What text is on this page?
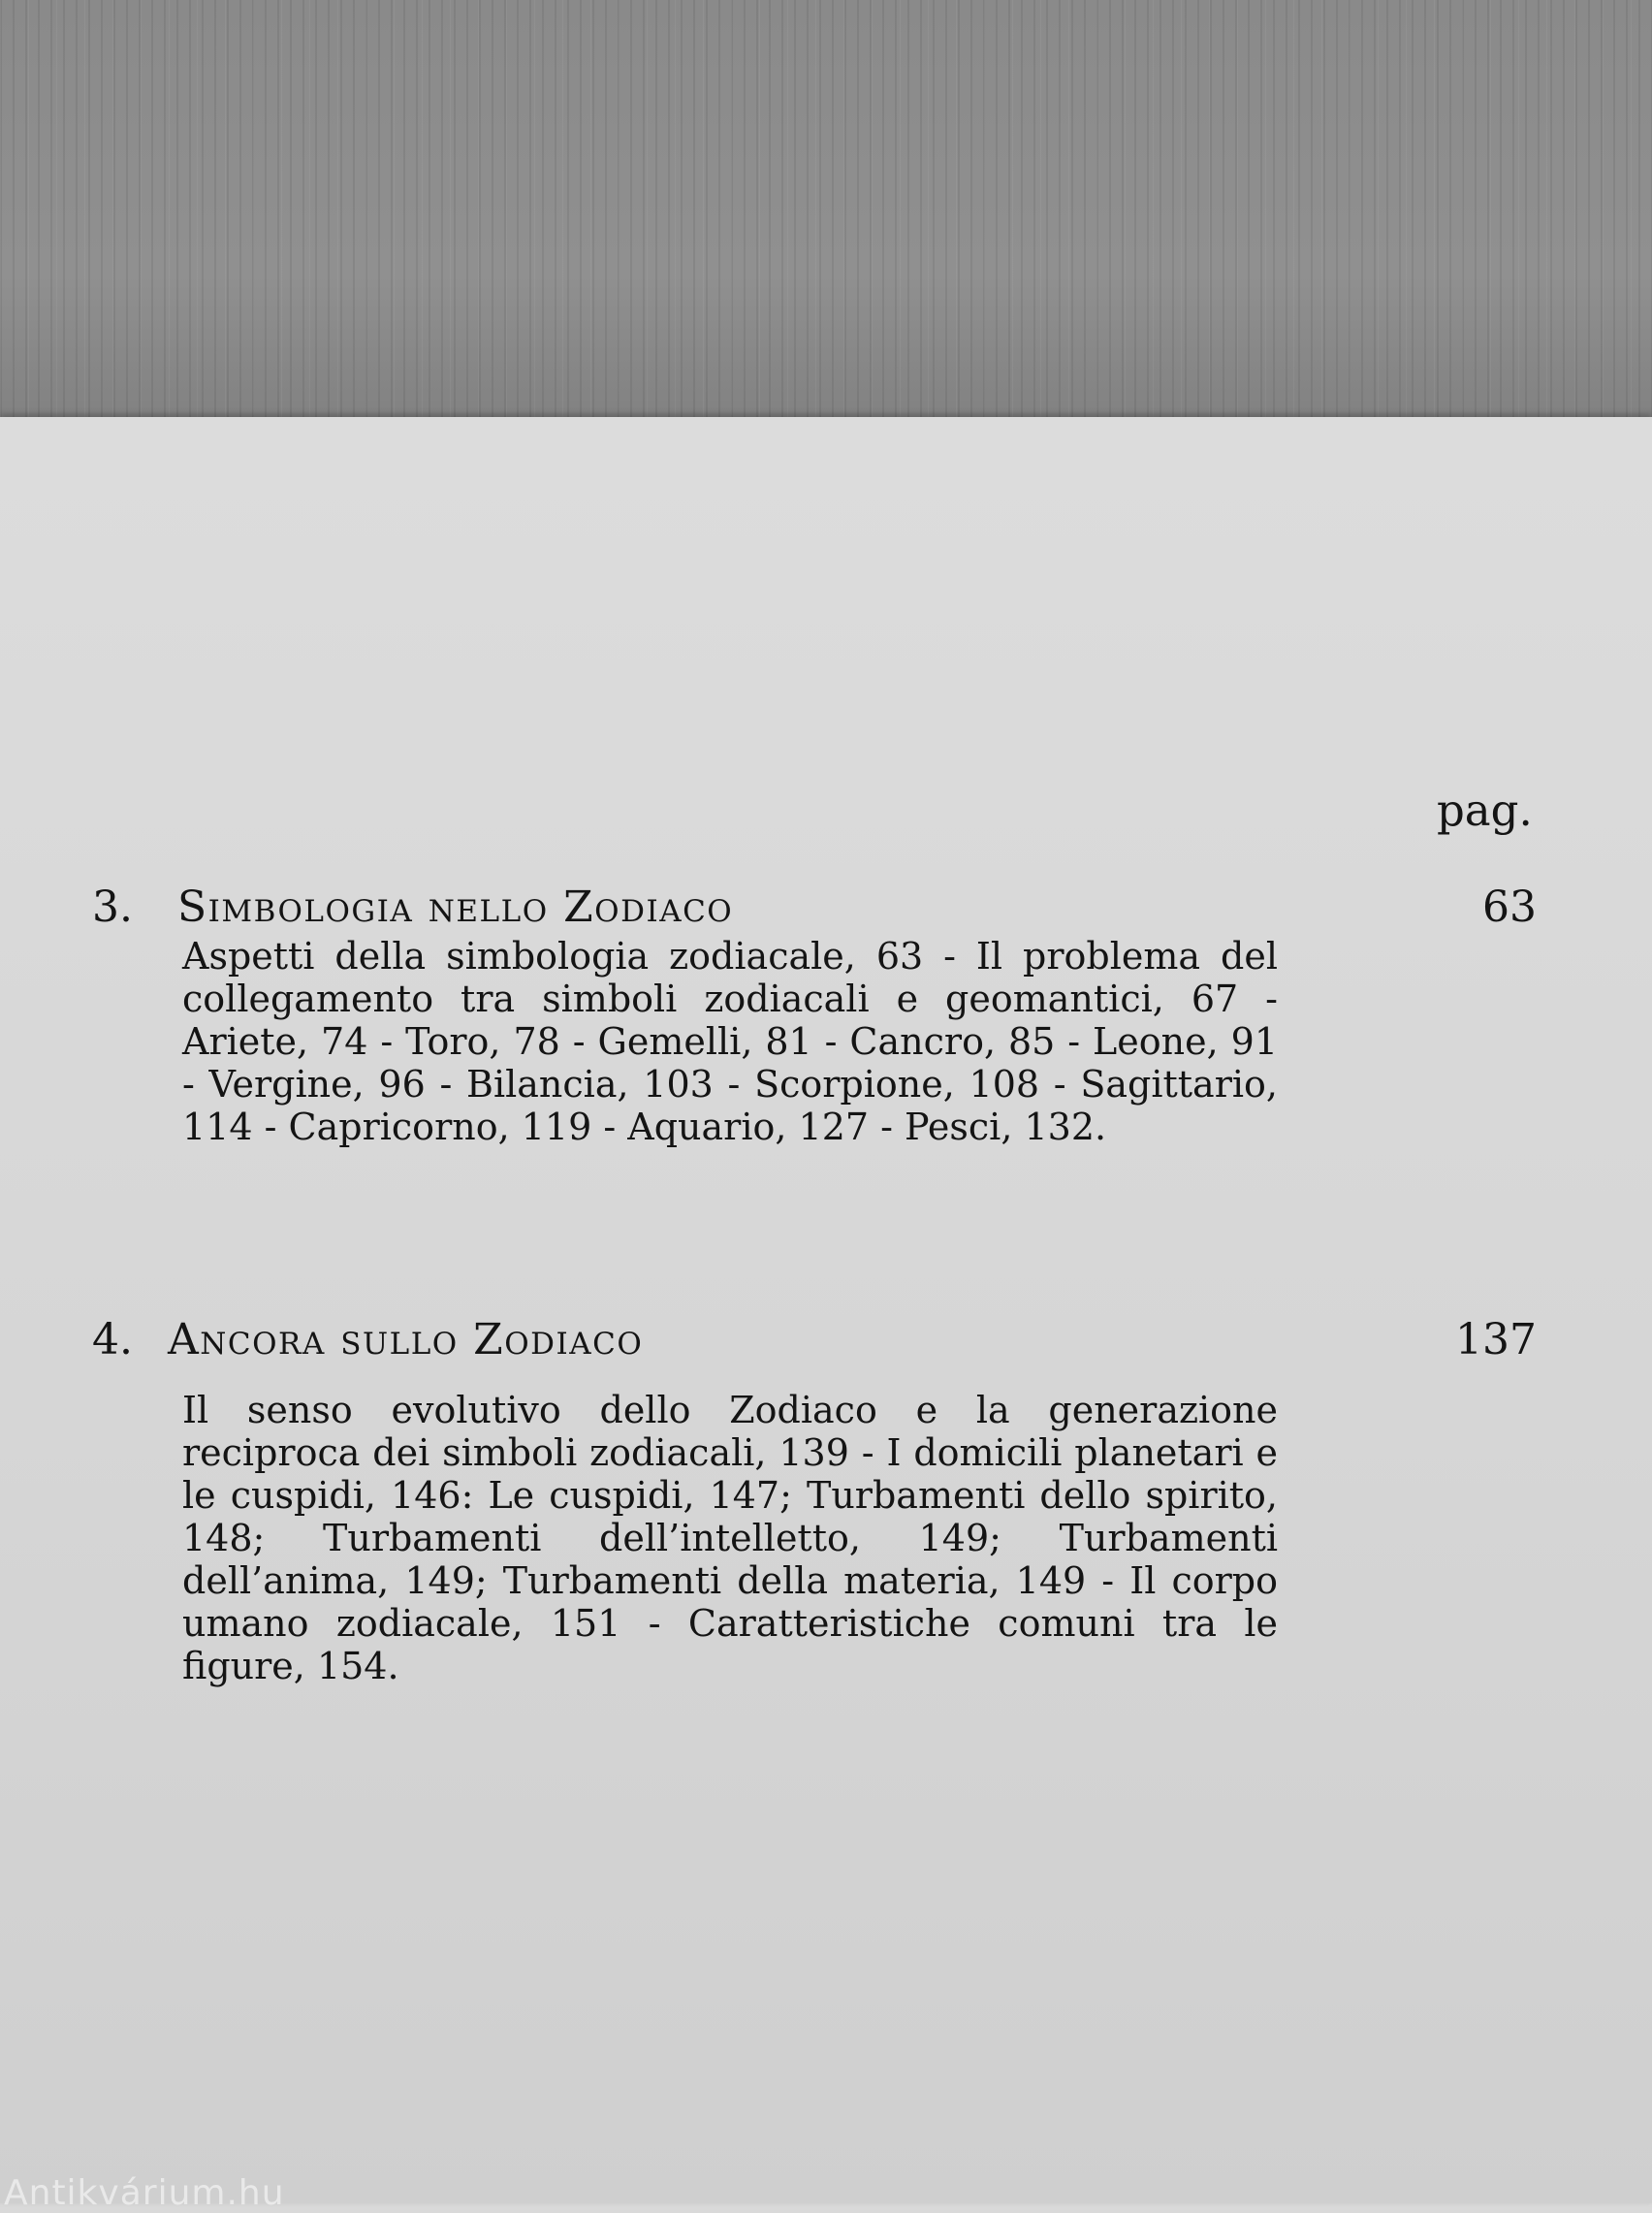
pag.
3. Simbologia nello Zodiaco	63
Aspetti della simbologia zodiacale, 63 - Il problema del collegamento tra simboli zodiacali e geomantici, 67 - Ariete, 74 - Toro, 78 - Gemelli, 81 - Cancro, 85 - Leone, 91 - Vergine, 96 - Bilancia, 103 - Scorpione, 108 - Sagittario, 114 - Capricorno, 119 - Aquario, 127 - Pesci, 132.
4. Ancora sullo Zodiaco	137
Il senso evolutivo dello Zodiaco e la generazione reciproca dei simboli zodiacali, 139 - I domicili planetari e le cuspidi, 146: Le cuspidi, 147; Turbamenti dello spirito, 148; Turbamenti dell’intelletto, 149; Turbamenti dell’anima, 149; Turbamenti della materia, 149 - Il corpo umano zodiacale, 151 - Caratteristiche comuni tra le figure, 154.
Antikvárium.hu
